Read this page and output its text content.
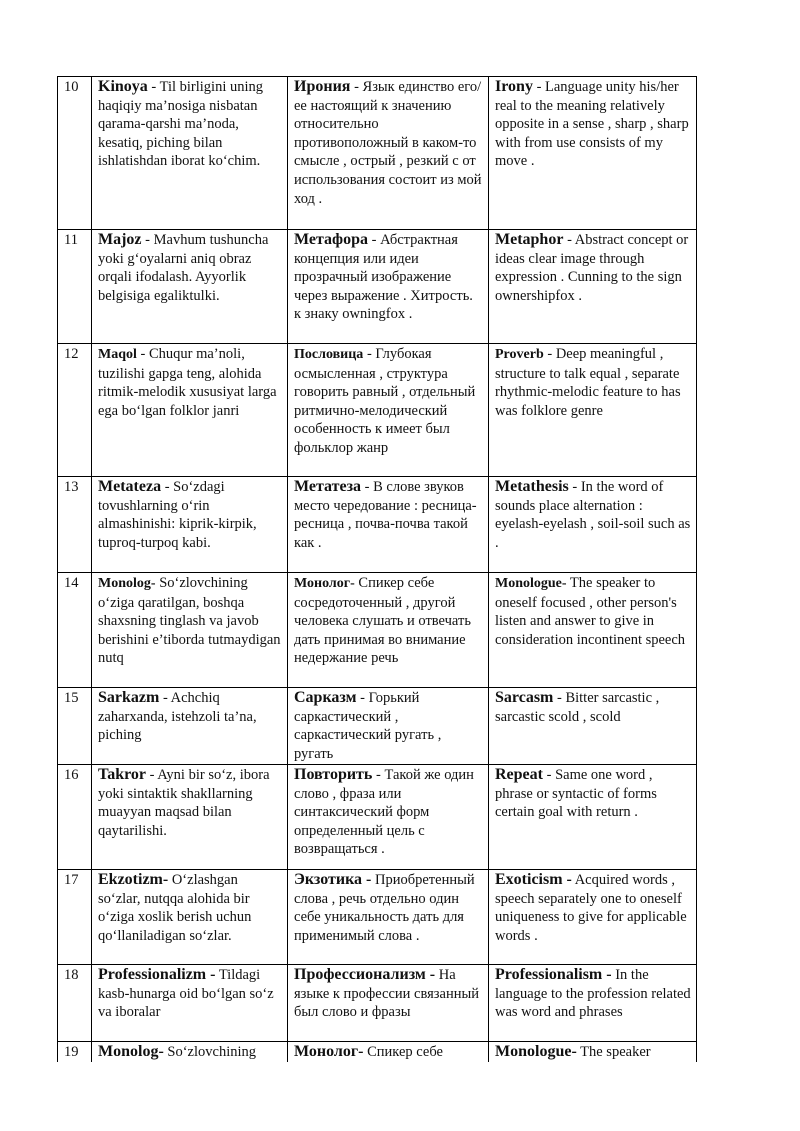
10	Kinoya - Til birligini uning haqiqiy ma’nosiga nisbatan qarama-qarshi ma’noda, kesatiq, piching bilan ishlatishdan iborat ko‘chim.	Ирония - Язык единство его/ее настоящий к значению относительно противоположный в каком-то смысле , острый , резкий с от использования состоит из мой ход .	Irony - Language unity his/her real to the meaning relatively opposite in a sense , sharp , sharp with from use consists of my move .
11	Majoz - Mavhum tushuncha yoki g‘oyalarni aniq obraz orqali ifodalash. Ayyorlik belgisiga egaliktulki.	Метафора - Абстрактная концепция или идеи прозрачный изображение через выражение . Хитрость. к знаку owningfox .	Metaphor - Abstract concept or ideas clear image through expression . Cunning to the sign ownershipfox .
12	Maqol - Chuqur ma’noli, tuzilishi gapga teng, alohida ritmik-melodik xususiyat larga ega bo‘lgan folklor janri	Пословица - Глубокая осмысленная , структура говорить равный , отдельный ритмично-мелодический особенность к имеет был фольклор жанр	Proverb - Deep meaningful , structure to talk equal , separate rhythmic-melodic feature to has was folklore genre
13	Metateza - So‘zdagi tovushlarning o‘rin almashinishi: kiprik-kirpik, tuproq-turpoq kabi.	Метатеза - В слове звуков место чередование : ресница-ресница , почва-почва такой как .	Metathesis - In the word of sounds place alternation : eyelash-eyelash , soil-soil such as .
14	Monolog- So‘zlovchining o‘ziga qaratilgan, boshqa shaxsning tinglash va javob berishini e’tiborda tutmaydigan nutq	Монолог- Спикер себе сосредоточенный , другой человека слушать и отвечать дать принимая во внимание недержание речь	Monologue- The speaker to oneself focused , other person's listen and answer to give in consideration incontinent speech
15	Sarkazm - Achchiq zaharxanda, istehzoli ta’na, piching	Сарказм - Горький саркастический , саркастический ругать , ругать	Sarcasm - Bitter sarcastic , sarcastic scold , scold
16	Takror - Ayni bir so‘z, ibora yoki sintaktik shakllarning muayyan maqsad bilan qaytarilishi.	Повторить - Такой же один слово , фраза или синтаксический форм определенный цель с возвращаться .	Repeat - Same one word , phrase or syntactic of forms certain goal with return .
17	Ekzotizm- O‘zlashgan so‘zlar, nutqqa alohida bir o‘ziga xoslik berish uchun qo‘llaniladigan so‘zlar.	Экзотика - Приобретенный слова , речь отдельно один себе уникальность дать для применимый слова .	Exoticism - Acquired words , speech separately one to oneself uniqueness to give for applicable words .
18	Professionalizm - Tildagi kasb-hunarga oid bo‘lgan so‘z va iboralar	Профессионализм - На языке к профессии связанный был слово и фразы	Professionalism - In the language to the profession related was word and phrases
19	Monolog- So‘zlovchining	Монолог- Спикер себе	Monologue- The speaker
